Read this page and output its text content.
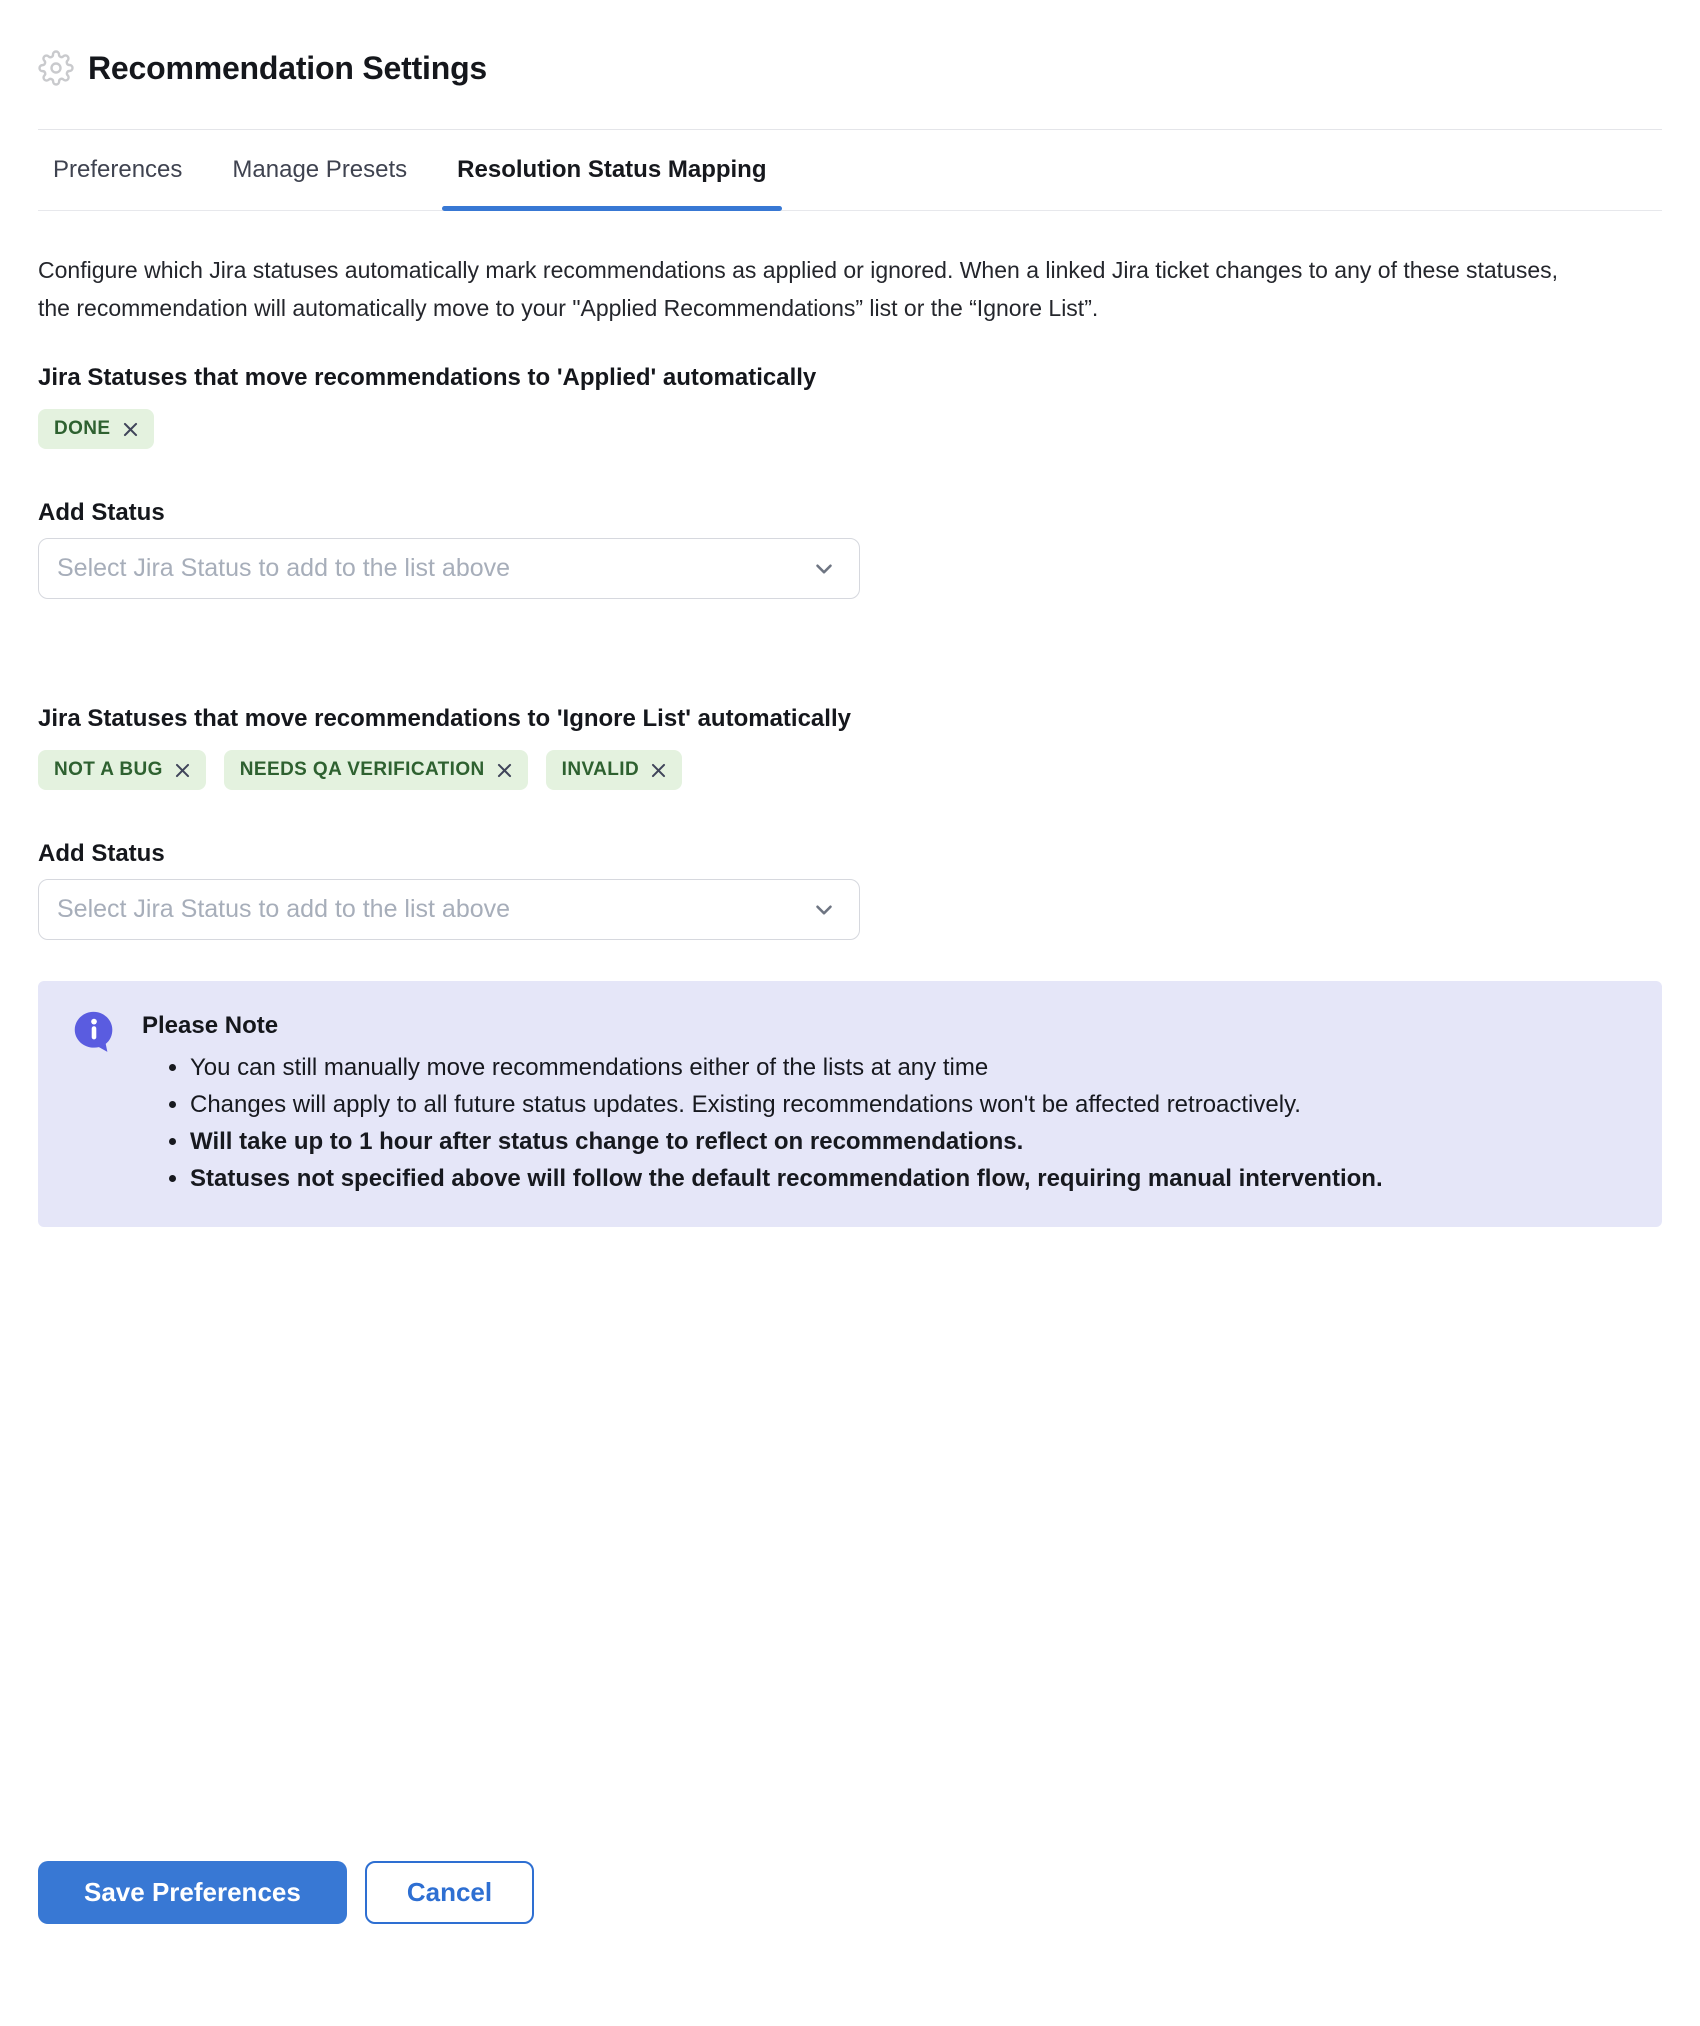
Recommendation Settings
Preferences	Manage Presets	Resolution Status Mapping

Configure which Jira statuses automatically mark recommendations as applied or ignored. When a linked Jira ticket changes to any of these statuses, the recommendation will automatically move to your "Applied Recommendations” list or the “Ignore List”.

Jira Statuses that move recommendations to 'Applied' automatically
DONE
Add Status
Select Jira Status to add to the list above
Jira Statuses that move recommendations to 'Ignore List' automatically
NOT A BUG	NEEDS QA VERIFICATION	INVALID
Add Status
Select Jira Status to add to the list above
Please Note
• You can still manually move recommendations either of the lists at any time
• Changes will apply to all future status updates. Existing recommendations won't be affected retroactively.
• Will take up to 1 hour after status change to reflect on recommendations.
• Statuses not specified above will follow the default recommendation flow, requiring manual intervention.
Save Preferences	Cancel
